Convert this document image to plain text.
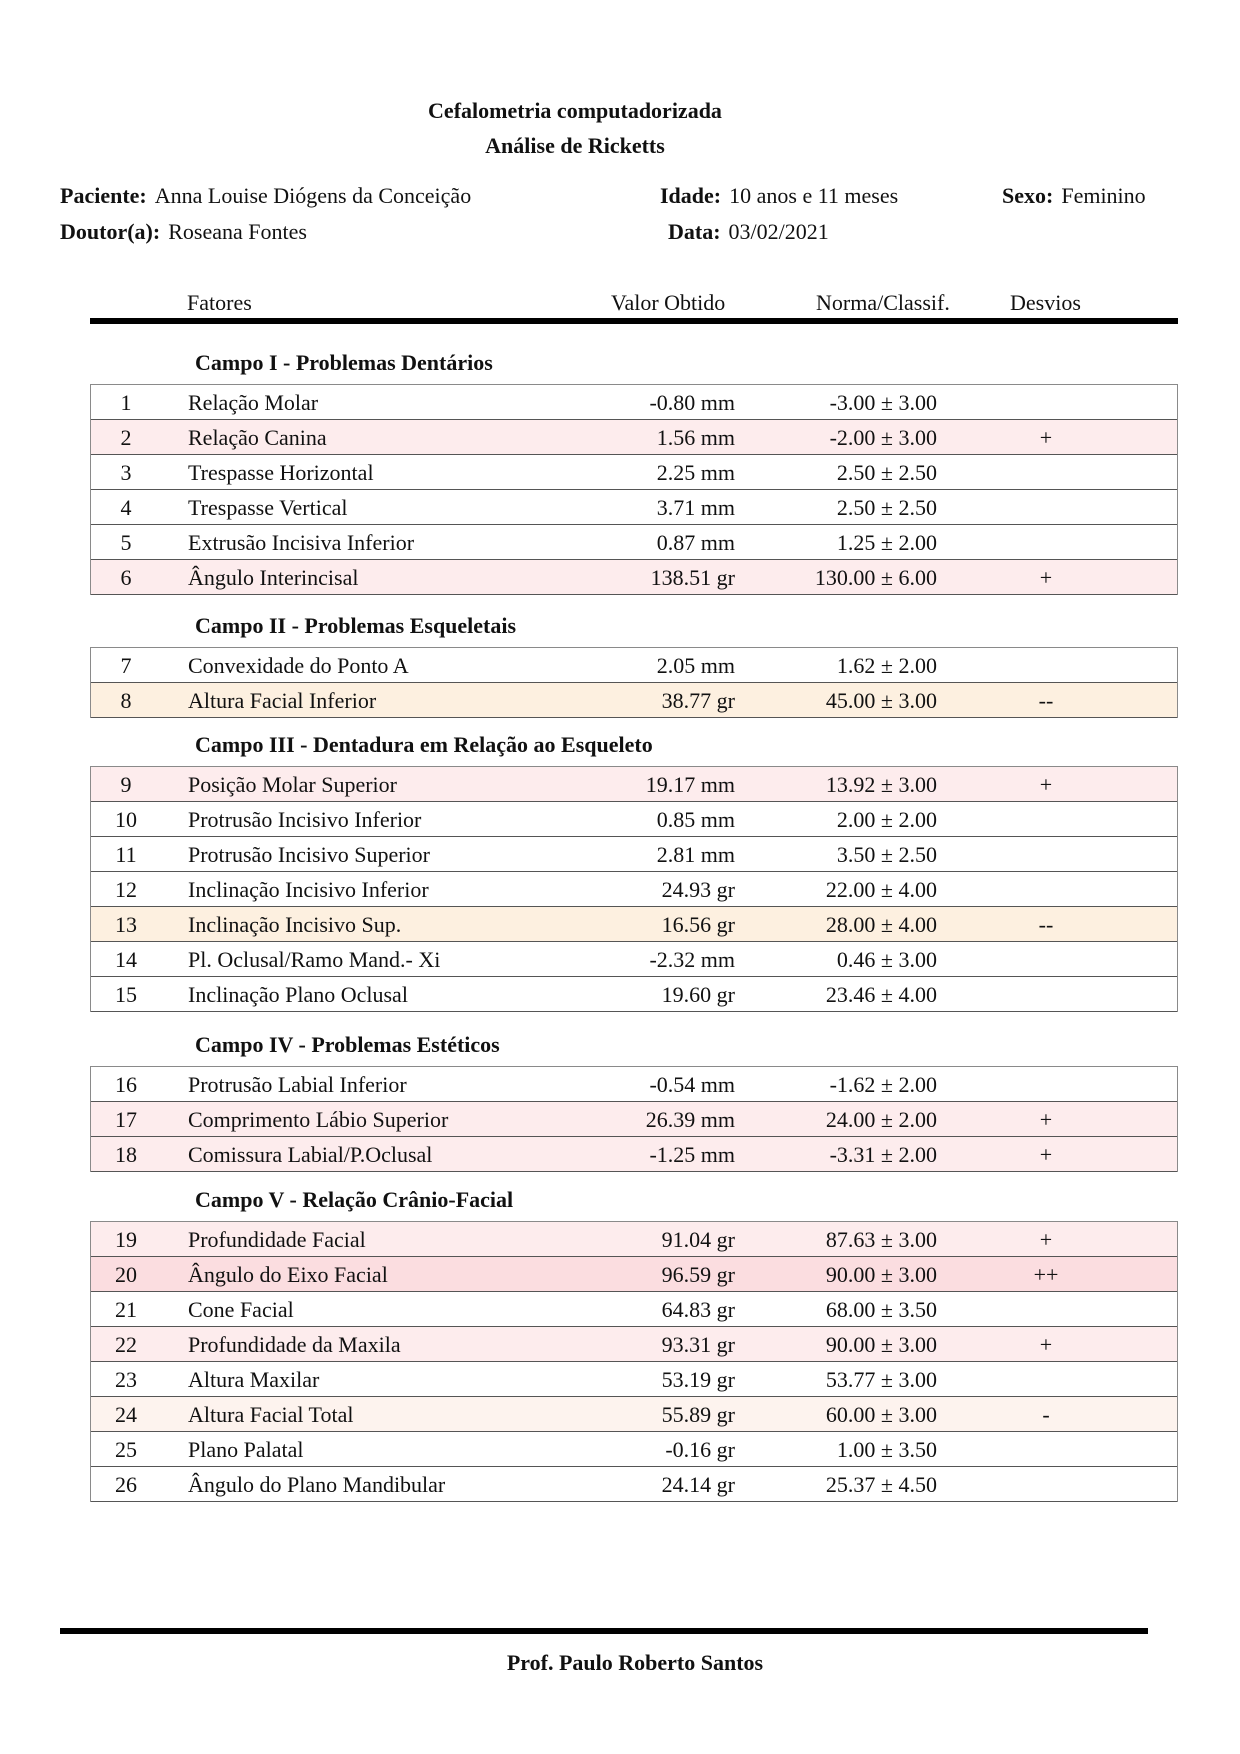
Cefalometria computadorizada
Análise de Ricketts
Paciente: Anna Louise Diógens da Conceição	Idade: 10 anos e 11 meses	Sexo: Feminino
Doutor(a): Roseana Fontes	Data: 03/02/2021
Fatores	Valor Obtido	Norma/Classif.	Desvios
Campo I - Problemas Dentários
1	Relação Molar	-0.80 mm	-3.00 ± 3.00
2	Relação Canina	1.56 mm	-2.00 ± 3.00	+
3	Trespasse Horizontal	2.25 mm	2.50 ± 2.50
4	Trespasse Vertical	3.71 mm	2.50 ± 2.50
5	Extrusão Incisiva Inferior	0.87 mm	1.25 ± 2.00
6	Ângulo Interincisal	138.51 gr	130.00 ± 6.00	+
Campo II - Problemas Esqueletais
7	Convexidade do Ponto A	2.05 mm	1.62 ± 2.00
8	Altura Facial Inferior	38.77 gr	45.00 ± 3.00	--
Campo III - Dentadura em Relação ao Esqueleto
9	Posição Molar Superior	19.17 mm	13.92 ± 3.00	+
10	Protrusão Incisivo Inferior	0.85 mm	2.00 ± 2.00
11	Protrusão Incisivo Superior	2.81 mm	3.50 ± 2.50
12	Inclinação Incisivo Inferior	24.93 gr	22.00 ± 4.00
13	Inclinação Incisivo Sup.	16.56 gr	28.00 ± 4.00	--
14	Pl. Oclusal/Ramo Mand.- Xi	-2.32 mm	0.46 ± 3.00
15	Inclinação Plano Oclusal	19.60 gr	23.46 ± 4.00
Campo IV - Problemas Estéticos
16	Protrusão Labial Inferior	-0.54 mm	-1.62 ± 2.00
17	Comprimento Lábio Superior	26.39 mm	24.00 ± 2.00	+
18	Comissura Labial/P.Oclusal	-1.25 mm	-3.31 ± 2.00	+
Campo V - Relação Crânio-Facial
19	Profundidade Facial	91.04 gr	87.63 ± 3.00	+
20	Ângulo do Eixo Facial	96.59 gr	90.00 ± 3.00	++
21	Cone Facial	64.83 gr	68.00 ± 3.50
22	Profundidade da Maxila	93.31 gr	90.00 ± 3.00	+
23	Altura Maxilar	53.19 gr	53.77 ± 3.00
24	Altura Facial Total	55.89 gr	60.00 ± 3.00	-
25	Plano Palatal	-0.16 gr	1.00 ± 3.50
26	Ângulo do Plano Mandibular	24.14 gr	25.37 ± 4.50
Prof. Paulo Roberto Santos
